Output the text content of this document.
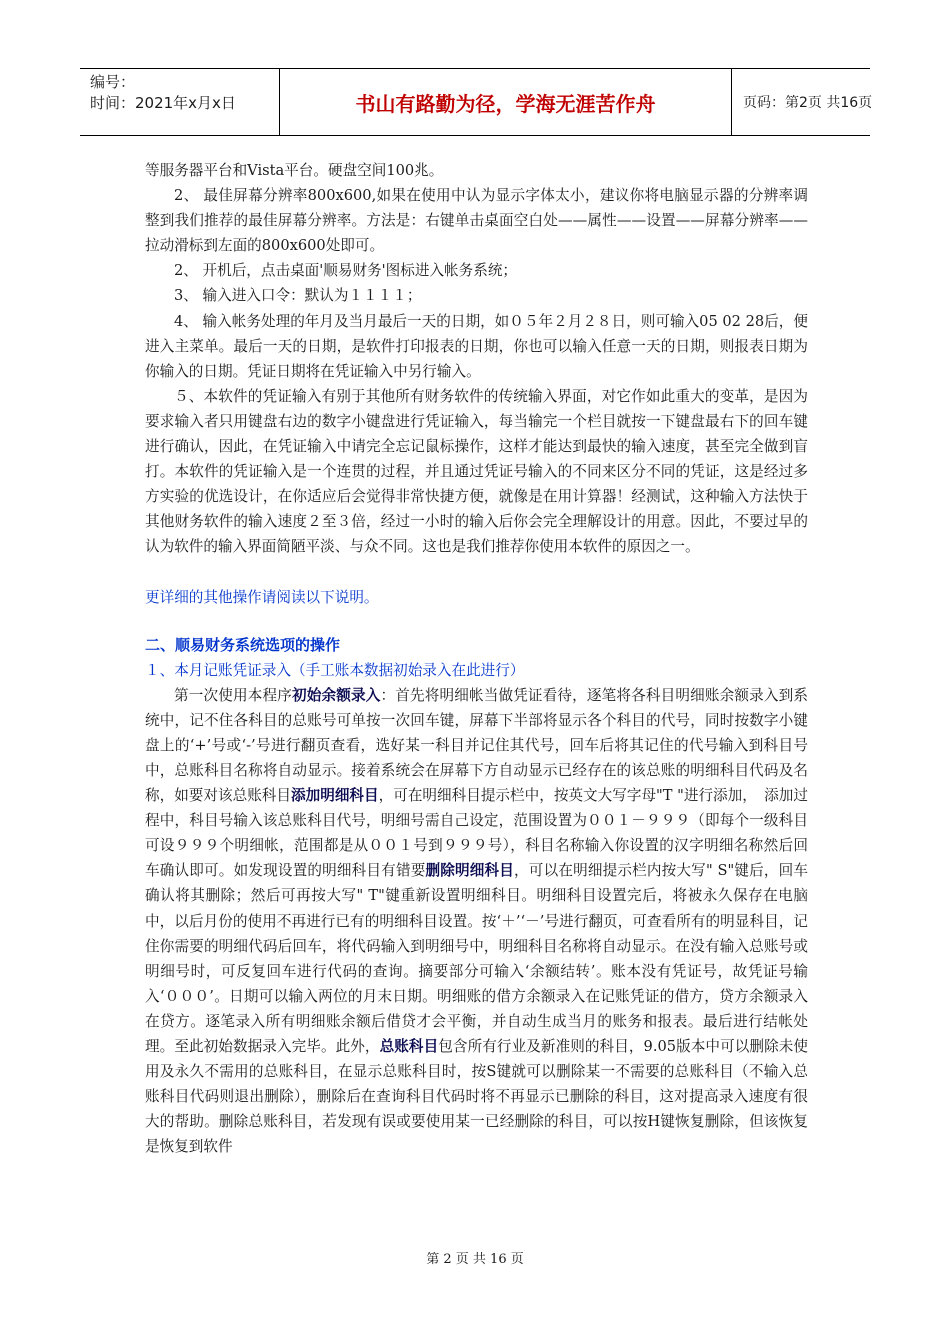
编号：
时间：2021年x月x日	书山有路勤为径，学海无涯苦作舟	页码：第2页 共16页

等服务器平台和Vista平台。硬盘空间100兆。

2、 最佳屏幕分辨率800x600,如果在使用中认为显示字体太小，建议你将电脑显示器的分辨率调整到我们推荐的最佳屏幕分辨率。方法是：右键单击桌面空白处——属性——设置——屏幕分辨率——拉动滑标到左面的800x600处即可。

2、 开机后，点击桌面'顺易财务'图标进入帐务系统；

3、 输入进入口令：默认为１１１１；

4、 输入帐务处理的年月及当月最后一天的日期，如０５年２月２８日，则可输入05 02 28后，便进入主菜单。最后一天的日期，是软件打印报表的日期，你也可以输入任意一天的日期，则报表日期为你输入的日期。凭证日期将在凭证输入中另行输入。

５、本软件的凭证输入有别于其他所有财务软件的传统输入界面，对它作如此重大的变革，是因为要求输入者只用键盘右边的数字小键盘进行凭证输入，每当输完一个栏目就按一下键盘最右下的回车键进行确认，因此，在凭证输入中请完全忘记鼠标操作，这样才能达到最快的输入速度，甚至完全做到盲打。本软件的凭证输入是一个连贯的过程，并且通过凭证号输入的不同来区分不同的凭证，这是经过多方实验的优选设计，在你适应后会觉得非常快捷方便，就像是在用计算器！经测试，这种输入方法快于其他财务软件的输入速度２至３倍，经过一小时的输入后你会完全理解设计的用意。因此，不要过早的认为软件的输入界面简陋平淡、与众不同。这也是我们推荐你使用本软件的原因之一。

更详细的其他操作请阅读以下说明。

二、顺易财务系统选项的操作

１、本月记账凭证录入（手工账本数据初始录入在此进行）

第一次使用本程序初始余额录入：首先将明细帐当做凭证看待，逐笔将各科目明细账余额录入到系统中，记不住各科目的总账号可单按一次回车键，屏幕下半部将显示各个科目的代号，同时按数字小键盘上的‘+’号或‘-’号进行翻页查看，选好某一科目并记住其代号，回车后将其记住的代号输入到科目号中，总账科目名称将自动显示。接着系统会在屏幕下方自动显示已经存在的该总账的明细科目代码及名称，如要对该总账科目添加明细科目，可在明细科目提示栏中，按英文大写字母"T "进行添加，　添加过程中，科目号输入该总账科目代号，明细号需自己设定，范围设置为００１－９９９（即每个一级科目可设９９９个明细帐，范围都是从００１号到９９９号），科目名称输入你设置的汉字明细名称然后回车确认即可。如发现设置的明细科目有错要删除明细科目，可以在明细提示栏内按大写" S"键后，回车确认将其删除；然后可再按大写" T"键重新设置明细科目。明细科目设置完后，将被永久保存在电脑中，以后月份的使用不再进行已有的明细科目设置。按‘＋’‘－’号进行翻页，可查看所有的明显科目，记住你需要的明细代码后回车，将代码输入到明细号中，明细科目名称将自动显示。在没有输入总账号或明细号时，可反复回车进行代码的查询。摘要部分可输入‘余额结转’。账本没有凭证号，故凭证号输入‘０００’。日期可以输入两位的月末日期。明细账的借方余额录入在记账凭证的借方，贷方余额录入在贷方。逐笔录入所有明细账余额后借贷才会平衡，并自动生成当月的账务和报表。最后进行结帐处理。至此初始数据录入完毕。此外，总账科目包含所有行业及新准则的科目，9.05版本中可以删除未使用及永久不需用的总账科目，在显示总账科目时，按S键就可以删除某一不需要的总账科目（不输入总账科目代码则退出删除），删除后在查询科目代码时将不再显示已删除的科目，这对提高录入速度有很大的帮助。删除总账科目，若发现有误或要使用某一已经删除的科目，可以按H键恢复删除，但该恢复是恢复到软件

第 2 页 共 16 页
